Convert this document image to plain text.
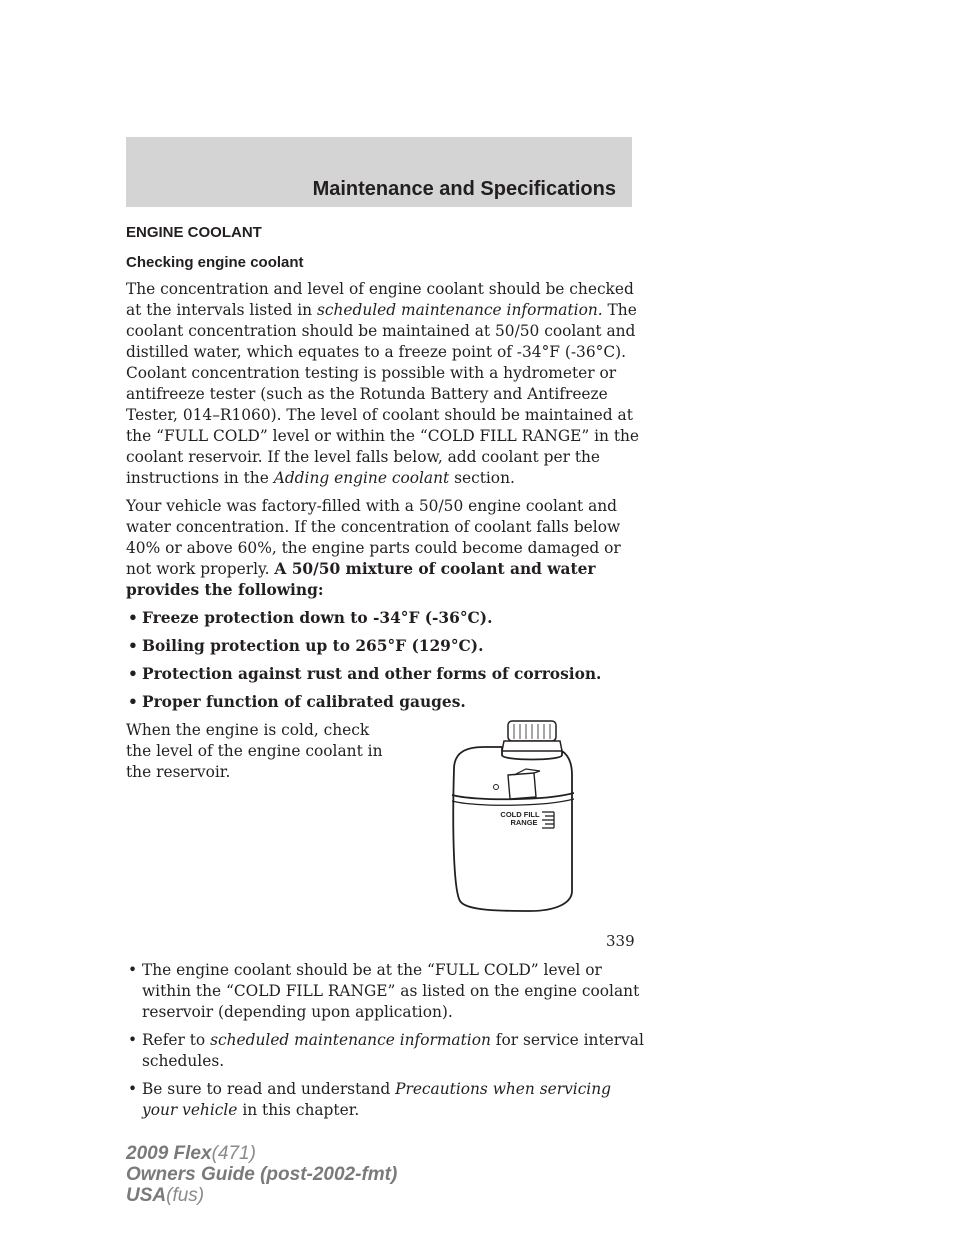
Maintenance and Specifications
ENGINE COOLANT
Checking engine coolant

The concentration and level of engine coolant should be checked at the intervals listed in scheduled maintenance information. The coolant concentration should be maintained at 50/50 coolant and distilled water, which equates to a freeze point of -34°F (-36°C). Coolant concentration testing is possible with a hydrometer or antifreeze tester (such as the Rotunda Battery and Antifreeze Tester, 014–R1060). The level of coolant should be maintained at the “FULL COLD” level or within the “COLD FILL RANGE” in the coolant reservoir. If the level falls below, add coolant per the instructions in the Adding engine coolant section.

Your vehicle was factory-filled with a 50/50 engine coolant and water concentration. If the concentration of coolant falls below 40% or above 60%, the engine parts could become damaged or not work properly. A 50/50 mixture of coolant and water provides the following:

• Freeze protection down to -34°F (-36°C).
• Boiling protection up to 265°F (129°C).
• Protection against rust and other forms of corrosion.
• Proper function of calibrated gauges.
When the engine is cold, check the level of the engine coolant in the reservoir.
COLD FILL
RANGE
• The engine coolant should be at the “FULL COLD” level or within the “COLD FILL RANGE” as listed on the engine coolant reservoir (depending upon application).
• Refer to scheduled maintenance information for service interval schedules.
• Be sure to read and understand Precautions when servicing your vehicle in this chapter.
339
2009 Flex(471)
Owners Guide (post-2002-fmt)
USA(fus)
